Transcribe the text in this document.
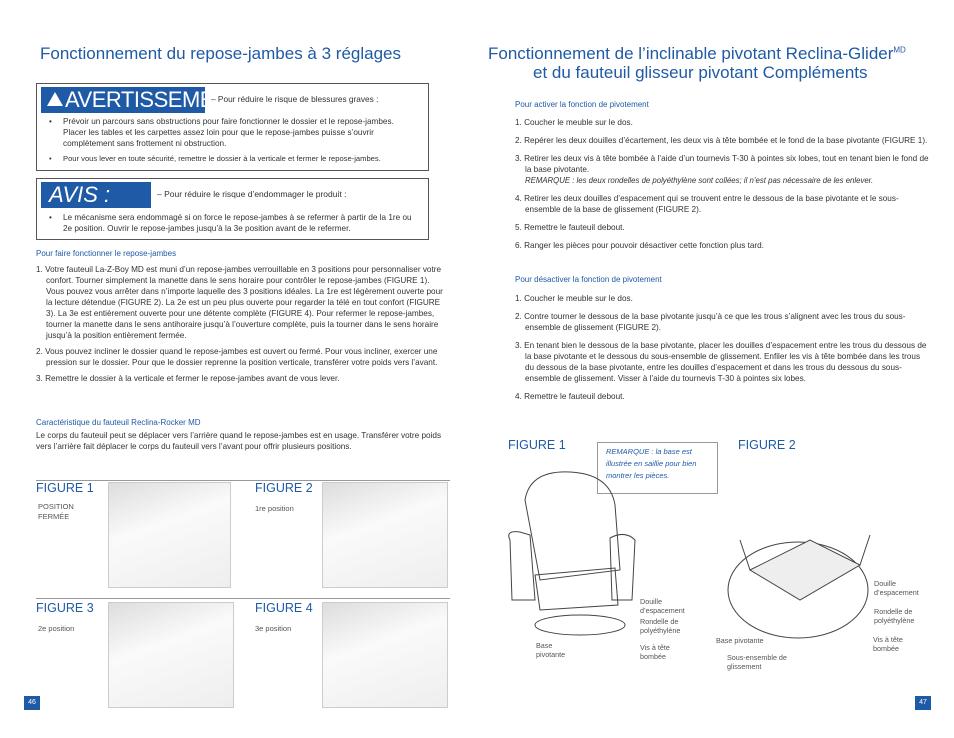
Fonctionnement du repose-jambes à 3 réglages
AVERTISSEMENT
– Pour réduire le risque de blessures graves :
• Prévoir un parcours sans obstructions pour faire fonctionner le dossier et le repose-jambes. Placer les tables et les carpettes assez loin pour que le repose-jambes puisse s’ouvrir complètement sans frottement ni obstruction.
• Pour vous lever en toute sécurité, remettre le dossier à la verticale et fermer le repose-jambes.
AVIS :	– Pour réduire le risque d’endommager le produit :
• Le mécanisme sera endommagé si on force le repose-jambes à se refermer à partir de la 1re ou 2e position. Ouvrir le repose-jambes jusqu’à la 3e position avant de le refermer.
Pour faire fonctionner le repose-jambes
1. Votre fauteuil La-Z-Boy MD est muni d’un repose-jambes verrouillable en 3 positions pour personnaliser votre confort. Tourner simplement la manette dans le sens horaire pour contrôler le repose-jambes (FIGURE 1). Vous pouvez vous arrêter dans n’importe laquelle des 3 positions idéales. La 1re est légèrement ouverte pour la lecture détendue (FIGURE 2). La 2e est un peu plus ouverte pour regarder la télé en tout confort (FIGURE 3). La 3e est entièrement ouverte pour une détente complète (FIGURE 4). Pour refermer le repose-jambes, tourner la manette dans le sens antihoraire jusqu’à l’ouverture complète, puis la tourner dans le sens horaire jusqu’à la position entièrement fermée.
2. Vous pouvez incliner le dossier quand le repose-jambes est ouvert ou fermé. Pour vous incliner, exercer une pression sur le dossier. Pour que le dossier reprenne la position verticale, transférer votre poids vers l’avant.
3. Remettre le dossier à la verticale et fermer le repose-jambes avant de vous lever.
Caractéristique du fauteuil Reclina-Rocker MD
Le corps du fauteuil peut se déplacer vers l’arrière quand le repose-jambes est en usage. Transférer votre poids vers l’arrière fait déplacer le corps du fauteuil vers l’avant pour offrir plusieurs positions.
FIGURE 1
POSITION FERMÉE
FIGURE 2
1re position
FIGURE 3
2e position
FIGURE 4
3e position
46
Fonctionnement de l’inclinable pivotant Reclina-Glider$^{MD}$
et du fauteuil glisseur pivotant Compléments
Pour activer la fonction de pivotement
1. Coucher le meuble sur le dos.
2. Repérer les deux douilles d’écartement, les deux vis à tête bombée et le fond de la base pivotante (FIGURE 1).
3. Retirer les deux vis à tête bombée à l’aide d’un tournevis T-30 à pointes six lobes, tout en tenant bien le fond de la base pivotante.
REMARQUE : les deux rondelles de polyéthylène sont collées; il n’est pas nécessaire de les enlever.
4. Retirer les deux douilles d’espacement qui se trouvent entre le dessous de la base pivotante et le sous-ensemble de la base de glissement (FIGURE 2).
5. Remettre le fauteuil debout.
6. Ranger les pièces pour pouvoir désactiver cette fonction plus tard.
Pour désactiver la fonction de pivotement
1. Coucher le meuble sur le dos.
2. Contre tourner le dessous de la base pivotante jusqu’à ce que les trous s’alignent avec les trous du sous-ensemble de glissement (FIGURE 2).
3. En tenant bien le dessous de la base pivotante, placer les douilles d’espacement entre les trous du dessous de la base pivotante et le dessous du sous-ensemble de glissement. Enfiler les vis à tête bombée dans les trous du dessous de la base pivotante, entre les douilles d’espacement et dans les trous du dessous du sous-ensemble de glissement. Visser à l’aide du tournevis T-30 à pointes six lobes.
4. Remettre le fauteuil debout.
FIGURE 1	FIGURE 2
REMARQUE : la base est illustrée en saillie pour bien montrer les pièces.
Douille d’espacement
Rondelle de polyéthylène
Base pivotante
Vis à tête bombée
Douille d’espacement
Rondelle de polyéthylène
Base pivotante	Vis à tête bombée
Sous-ensemble de glissement
47
